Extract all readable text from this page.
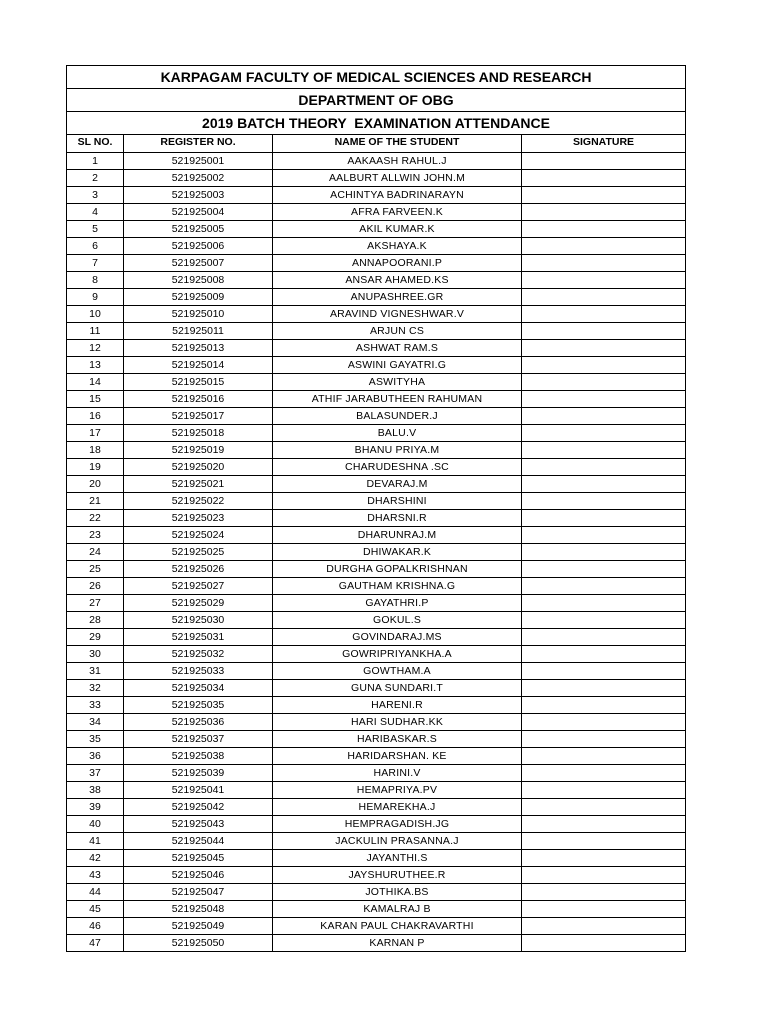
KARPAGAM FACULTY OF MEDICAL SCIENCES AND RESEARCH			
DEPARTMENT OF OBG			
2019 BATCH THEORY  EXAMINATION ATTENDANCE			
SL NO.	REGISTER NO.	NAME OF THE STUDENT	SIGNATURE
1	521925001	AAKAASH RAHUL.J	
2	521925002	AALBURT ALLWIN JOHN.M	
3	521925003	ACHINTYA BADRINARAYN	
4	521925004	AFRA FARVEEN.K	
5	521925005	AKIL KUMAR.K	
6	521925006	AKSHAYA.K	
7	521925007	ANNAPOORANI.P	
8	521925008	ANSAR AHAMED.KS	
9	521925009	ANUPASHREE.GR	
10	521925010	ARAVIND VIGNESHWAR.V	
11	521925011	ARJUN CS	
12	521925013	ASHWAT RAM.S	
13	521925014	ASWINI GAYATRI.G	
14	521925015	ASWITYHA	
15	521925016	ATHIF JARABUTHEEN RAHUMAN	
16	521925017	BALASUNDER.J	
17	521925018	BALU.V	
18	521925019	BHANU PRIYA.M	
19	521925020	CHARUDESHNA .SC	
20	521925021	DEVARAJ.M	
21	521925022	DHARSHINI	
22	521925023	DHARSNI.R	
23	521925024	DHARUNRAJ.M	
24	521925025	DHIWAKAR.K	
25	521925026	DURGHA GOPALKRISHNAN	
26	521925027	GAUTHAM KRISHNA.G	
27	521925029	GAYATHRI.P	
28	521925030	GOKUL.S	
29	521925031	GOVINDARAJ.MS	
30	521925032	GOWRIPRIYANKHA.A	
31	521925033	GOWTHAM.A	
32	521925034	GUNA SUNDARI.T	
33	521925035	HARENI.R	
34	521925036	HARI SUDHAR.KK	
35	521925037	HARIBASKAR.S	
36	521925038	HARIDARSHAN. KE	
37	521925039	HARINI.V	
38	521925041	HEMAPRIYA.PV	
39	521925042	HEMAREKHA.J	
40	521925043	HEMPRAGADISH.JG	
41	521925044	JACKULIN PRASANNA.J	
42	521925045	JAYANTHI.S	
43	521925046	JAYSHURUTHEE.R	
44	521925047	JOTHIKA.BS	
45	521925048	KAMALRAJ B	
46	521925049	KARAN PAUL CHAKRAVARTHI	
47	521925050	KARNAN P	
